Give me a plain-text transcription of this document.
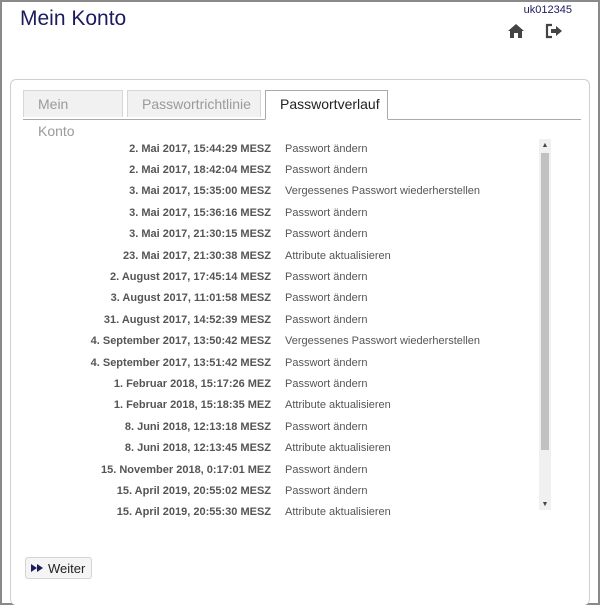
Mein Konto	uk012345
Mein Konto
Passwortrichtlinie	Passwortverlauf
2. Mai 2017, 15:44:29 MESZ	Passwort ändern
2. Mai 2017, 18:42:04 MESZ	Passwort ändern
3. Mai 2017, 15:35:00 MESZ	Vergessenes Passwort wiederherstellen
3. Mai 2017, 15:36:16 MESZ	Passwort ändern
3. Mai 2017, 21:30:15 MESZ	Passwort ändern
23. Mai 2017, 21:30:38 MESZ	Attribute aktualisieren
2. August 2017, 17:45:14 MESZ	Passwort ändern
3. August 2017, 11:01:58 MESZ	Passwort ändern
31. August 2017, 14:52:39 MESZ	Passwort ändern
4. September 2017, 13:50:42 MESZ	Vergessenes Passwort wiederherstellen
4. September 2017, 13:51:42 MESZ	Passwort ändern
1. Februar 2018, 15:17:26 MEZ	Passwort ändern
1. Februar 2018, 15:18:35 MEZ	Attribute aktualisieren
8. Juni 2018, 12:13:18 MESZ	Passwort ändern
8. Juni 2018, 12:13:45 MESZ	Attribute aktualisieren
15. November 2018, 0:17:01 MEZ	Passwort ändern
15. April 2019, 20:55:02 MESZ	Passwort ändern
15. April 2019, 20:55:30 MESZ	Attribute aktualisieren
▲
▼
Weiter
